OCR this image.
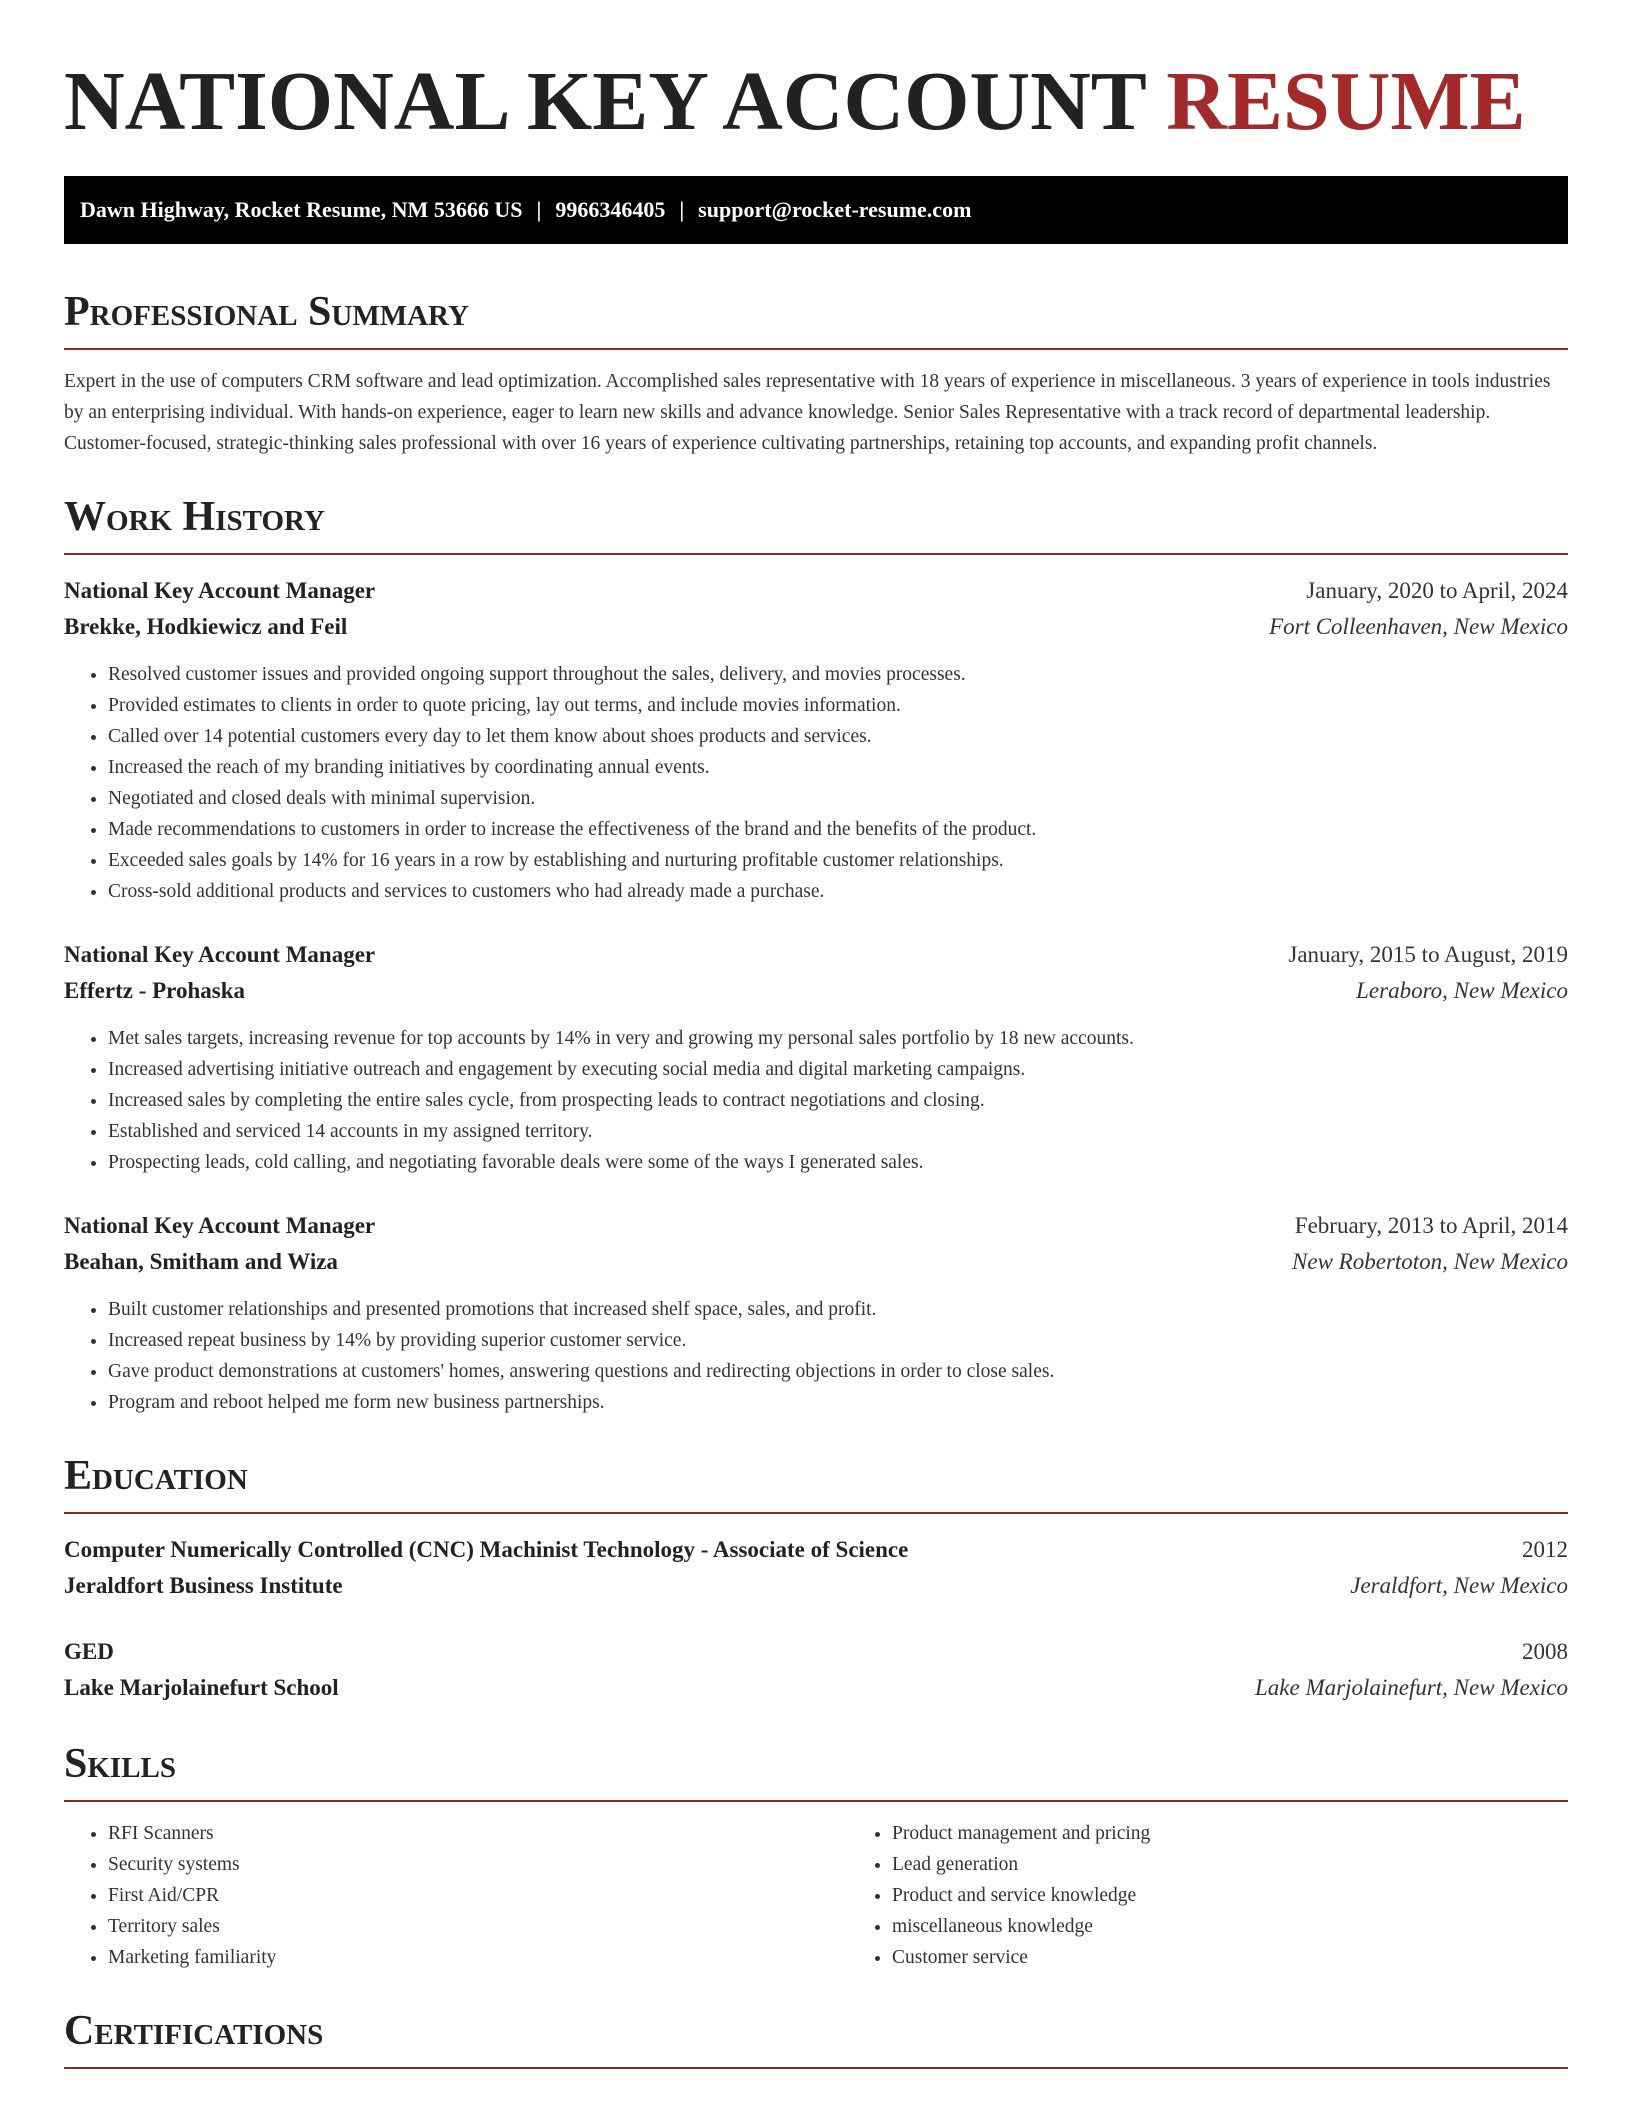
NATIONAL KEY ACCOUNT RESUME
Dawn Highway, Rocket Resume, NM 53666 US | 9966346405 | support@rocket-resume.com
Professional Summary
Expert in the use of computers CRM software and lead optimization. Accomplished sales representative with 18 years of experience in miscellaneous. 3 years of experience in tools industries by an enterprising individual. With hands-on experience, eager to learn new skills and advance knowledge. Senior Sales Representative with a track record of departmental leadership. Customer-focused, strategic-thinking sales professional with over 16 years of experience cultivating partnerships, retaining top accounts, and expanding profit channels.
Work History
National Key Account Manager	January, 2020 to April, 2024
Brekke, Hodkiewicz and Feil	Fort Colleenhaven, New Mexico
• Resolved customer issues and provided ongoing support throughout the sales, delivery, and movies processes.
• Provided estimates to clients in order to quote pricing, lay out terms, and include movies information.
• Called over 14 potential customers every day to let them know about shoes products and services.
• Increased the reach of my branding initiatives by coordinating annual events.
• Negotiated and closed deals with minimal supervision.
• Made recommendations to customers in order to increase the effectiveness of the brand and the benefits of the product.
• Exceeded sales goals by 14% for 16 years in a row by establishing and nurturing profitable customer relationships.
• Cross-sold additional products and services to customers who had already made a purchase.
National Key Account Manager	January, 2015 to August, 2019
Effertz - Prohaska	Leraboro, New Mexico
• Met sales targets, increasing revenue for top accounts by 14% in very and growing my personal sales portfolio by 18 new accounts.
• Increased advertising initiative outreach and engagement by executing social media and digital marketing campaigns.
• Increased sales by completing the entire sales cycle, from prospecting leads to contract negotiations and closing.
• Established and serviced 14 accounts in my assigned territory.
• Prospecting leads, cold calling, and negotiating favorable deals were some of the ways I generated sales.
National Key Account Manager	February, 2013 to April, 2014
Beahan, Smitham and Wiza	New Robertoton, New Mexico
• Built customer relationships and presented promotions that increased shelf space, sales, and profit.
• Increased repeat business by 14% by providing superior customer service.
• Gave product demonstrations at customers' homes, answering questions and redirecting objections in order to close sales.
• Program and reboot helped me form new business partnerships.
Education
Computer Numerically Controlled (CNC) Machinist Technology - Associate of Science	2012
Jeraldfort Business Institute	Jeraldfort, New Mexico
GED	2008
Lake Marjolainefurt School	Lake Marjolainefurt, New Mexico
Skills
• RFI Scanners
• Security systems
• First Aid/CPR
• Territory sales
• Marketing familiarity
• Product management and pricing
• Lead generation
• Product and service knowledge
• miscellaneous knowledge
• Customer service
Certifications
